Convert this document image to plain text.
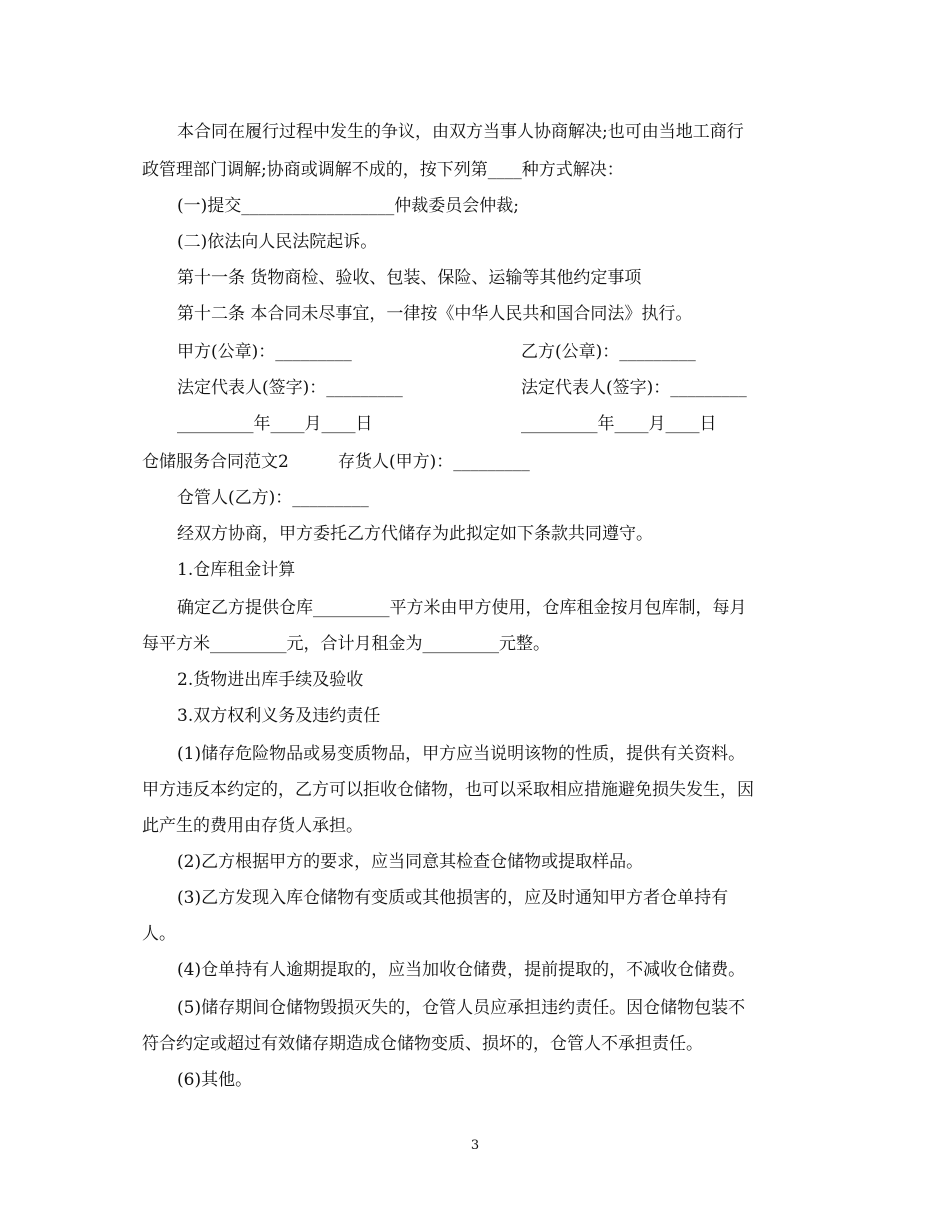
本合同在履行过程中发生的争议，由双方当事人协商解决;也可由当地工商行
政管理部门调解;协商或调解不成的，按下列第____种方式解决：
(一)提交__________________仲裁委员会仲裁;
(二)依法向人民法院起诉。
第十一条 货物商检、验收、包装、保险、运输等其他约定事项
第十二条 本合同未尽事宜，一律按《中华人民共和国合同法》执行。
甲方(公章)：_________	乙方(公章)：_________
法定代表人(签字)：_________	法定代表人(签字)：_________
_________年____月____日	_________年____月____日
仓储服务合同范文2	存货人(甲方)：_________
仓管人(乙方)：_________
经双方协商，甲方委托乙方代储存为此拟定如下条款共同遵守。
1.仓库租金计算
确定乙方提供仓库_________平方米由甲方使用，仓库租金按月包库制，每月
每平方米_________元，合计月租金为_________元整。
2.货物进出库手续及验收
3.双方权利义务及违约责任
(1)储存危险物品或易变质物品，甲方应当说明该物的性质，提供有关资料。
甲方违反本约定的，乙方可以拒收仓储物，也可以采取相应措施避免损失发生，因
此产生的费用由存货人承担。
(2)乙方根据甲方的要求，应当同意其检查仓储物或提取样品。
(3)乙方发现入库仓储物有变质或其他损害的，应及时通知甲方者仓单持有
人。
(4)仓单持有人逾期提取的，应当加收仓储费，提前提取的，不减收仓储费。
(5)储存期间仓储物毁损灭失的，仓管人员应承担违约责任。因仓储物包装不
符合约定或超过有效储存期造成仓储物变质、损坏的，仓管人不承担责任。
(6)其他。
3
